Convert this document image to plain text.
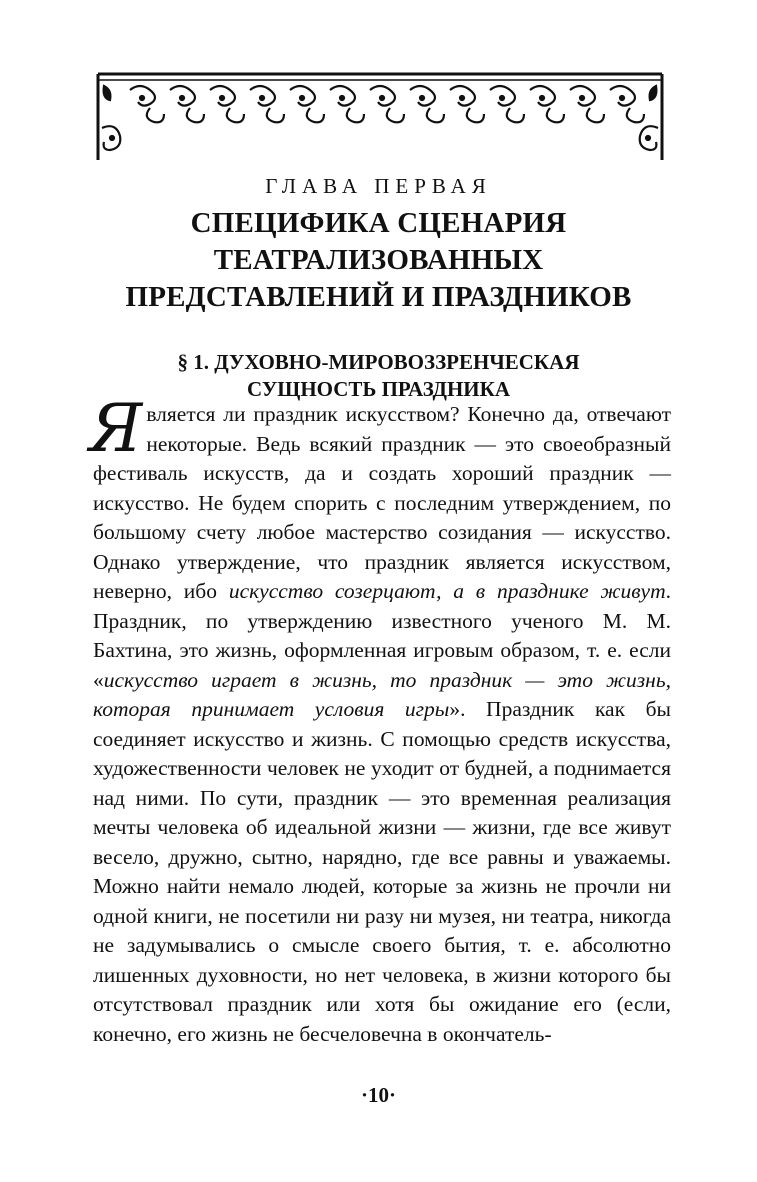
ГЛАВА ПЕРВАЯ
СПЕЦИФИКА СЦЕНАРИЯ
ТЕАТРАЛИЗОВАННЫХ
ПРЕДСТАВЛЕНИЙ И ПРАЗДНИКОВ
§ 1. ДУХОВНО-МИРОВОЗЗРЕНЧЕСКАЯ
СУЩНОСТЬ ПРАЗДНИКА

Является ли праздник искусством? Конечно да, отвечают некоторые. Ведь всякий праздник — это своеобразный фестиваль искусств, да и создать хороший праздник — искусство. Не будем спорить с последним утверждением, по большому счету любое мастерство созидания — искусство. Однако утверждение, что праздник является искусством, неверно, ибо искусство созерцают, а в празднике живут. Праздник, по утверждению известного ученого М. М. Бахтина, это жизнь, оформленная игровым образом, т. е. если «искусство играет в жизнь, то праздник — это жизнь, которая принимает условия игры». Праздник как бы соединяет искусство и жизнь. С помощью средств искусства, художественности человек не уходит от будней, а поднимается над ними. По сути, праздник — это временная реализация мечты человека об идеальной жизни — жизни, где все живут весело, дружно, сытно, нарядно, где все равны и уважаемы. Можно найти немало людей, которые за жизнь не прочли ни одной книги, не посетили ни разу ни музея, ни театра, никогда не задумывались о смысле своего бытия, т. е. абсолютно лишенных духовности, но нет человека, в жизни которого бы отсутствовал праздник или хотя бы ожидание его (если, конечно, его жизнь не бесчеловечна в окончатель-

·10·
